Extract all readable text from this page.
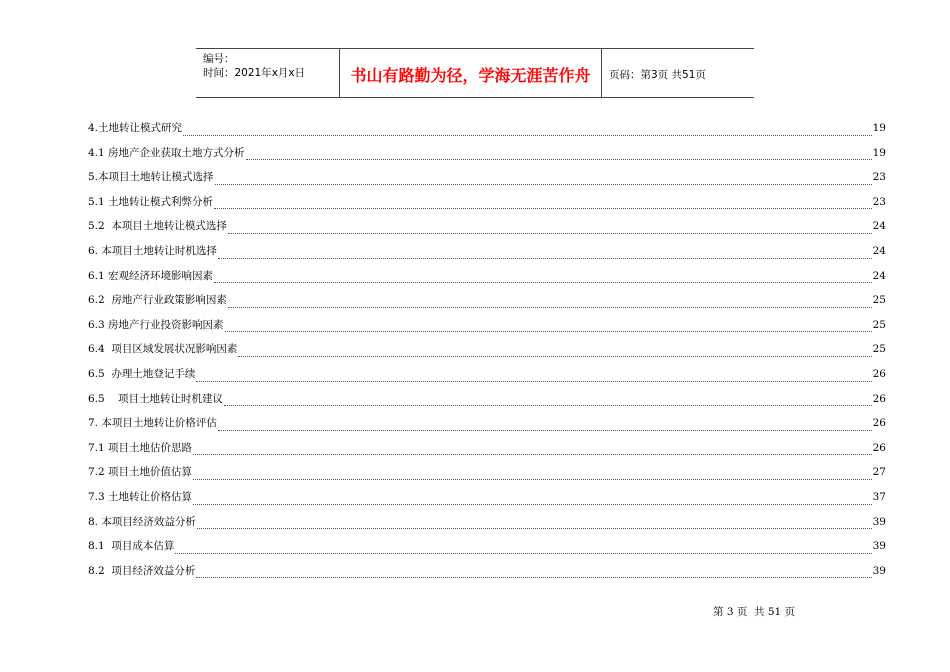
编号：
时间：2021年x月x日	书山有路勤为径，学海无涯苦作舟	页码：第3页 共51页
4.土地转让模式研究	19
4.1 房地产企业获取土地方式分析	19
5.本项目土地转让模式选择	23
5.1 土地转让模式利弊分析	23
5.2  本项目土地转让模式选择	24
6. 本项目土地转让时机选择	24
6.1 宏观经济环境影响因素	24
6.2  房地产行业政策影响因素	25
6.3 房地产行业投资影响因素	25
6.4  项目区域发展状况影响因素	25
6.5  办理土地登记手续	26
6.5    项目土地转让时机建议	26
7. 本项目土地转让价格评估	26
7.1 项目土地估价思路	26
7.2 项目土地价值估算	27
7.3 土地转让价格估算	37
8. 本项目经济效益分析	39
8.1  项目成本估算	39
8.2  项目经济效益分析	39
第 3 页  共 51 页
